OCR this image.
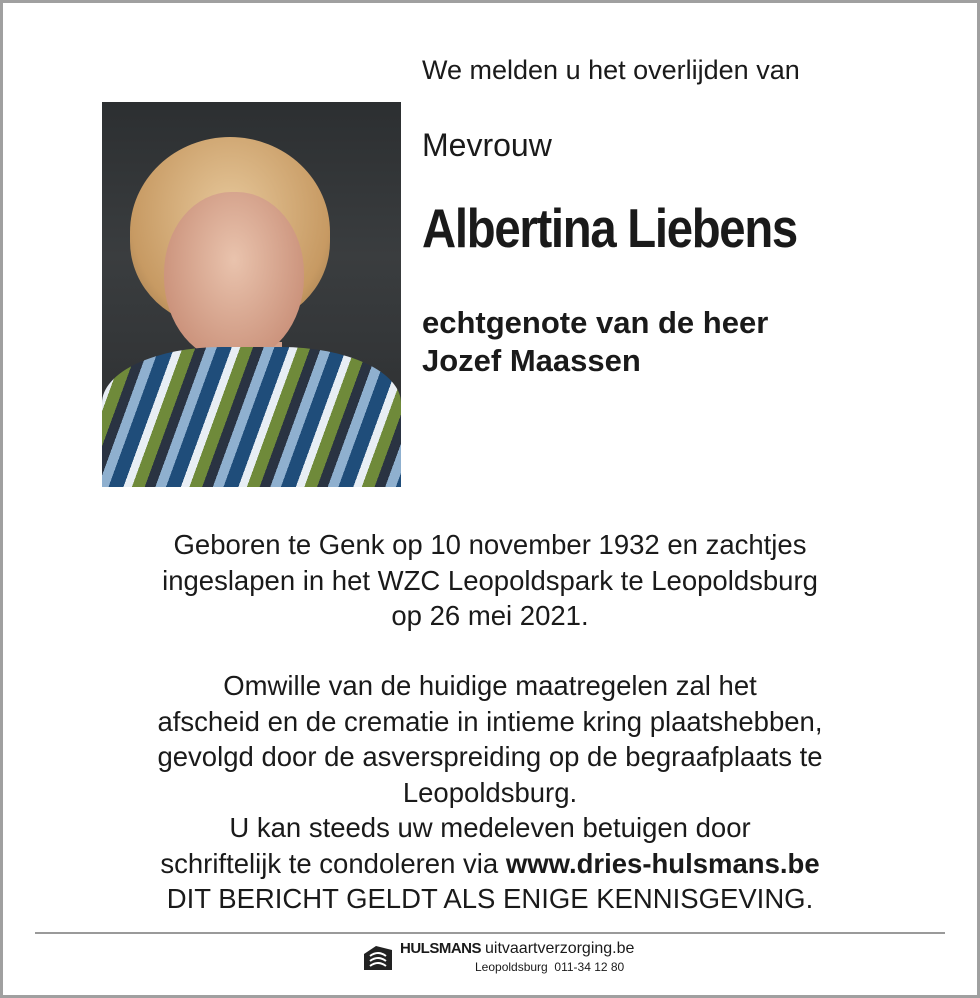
We melden u het overlijden van

Mevrouw

Albertina Liebens

echtgenote van de heer
Jozef Maassen
Geboren te Genk op 10 november 1932 en zachtjes
ingeslapen in het WZC Leopoldspark te Leopoldsburg
op 26 mei 2021.
Omwille van de huidige maatregelen zal het
afscheid en de crematie in intieme kring plaatshebben,
gevolgd door de asverspreiding op de begraafplaats te
Leopoldsburg.
U kan steeds uw medeleven betuigen door
schriftelijk te condoleren via www.dries-hulsmans.be
DIT BERICHT GELDT ALS ENIGE KENNISGEVING.
HULSMANS uitvaartverzorging.be
Leopoldsburg  011-34 12 80
